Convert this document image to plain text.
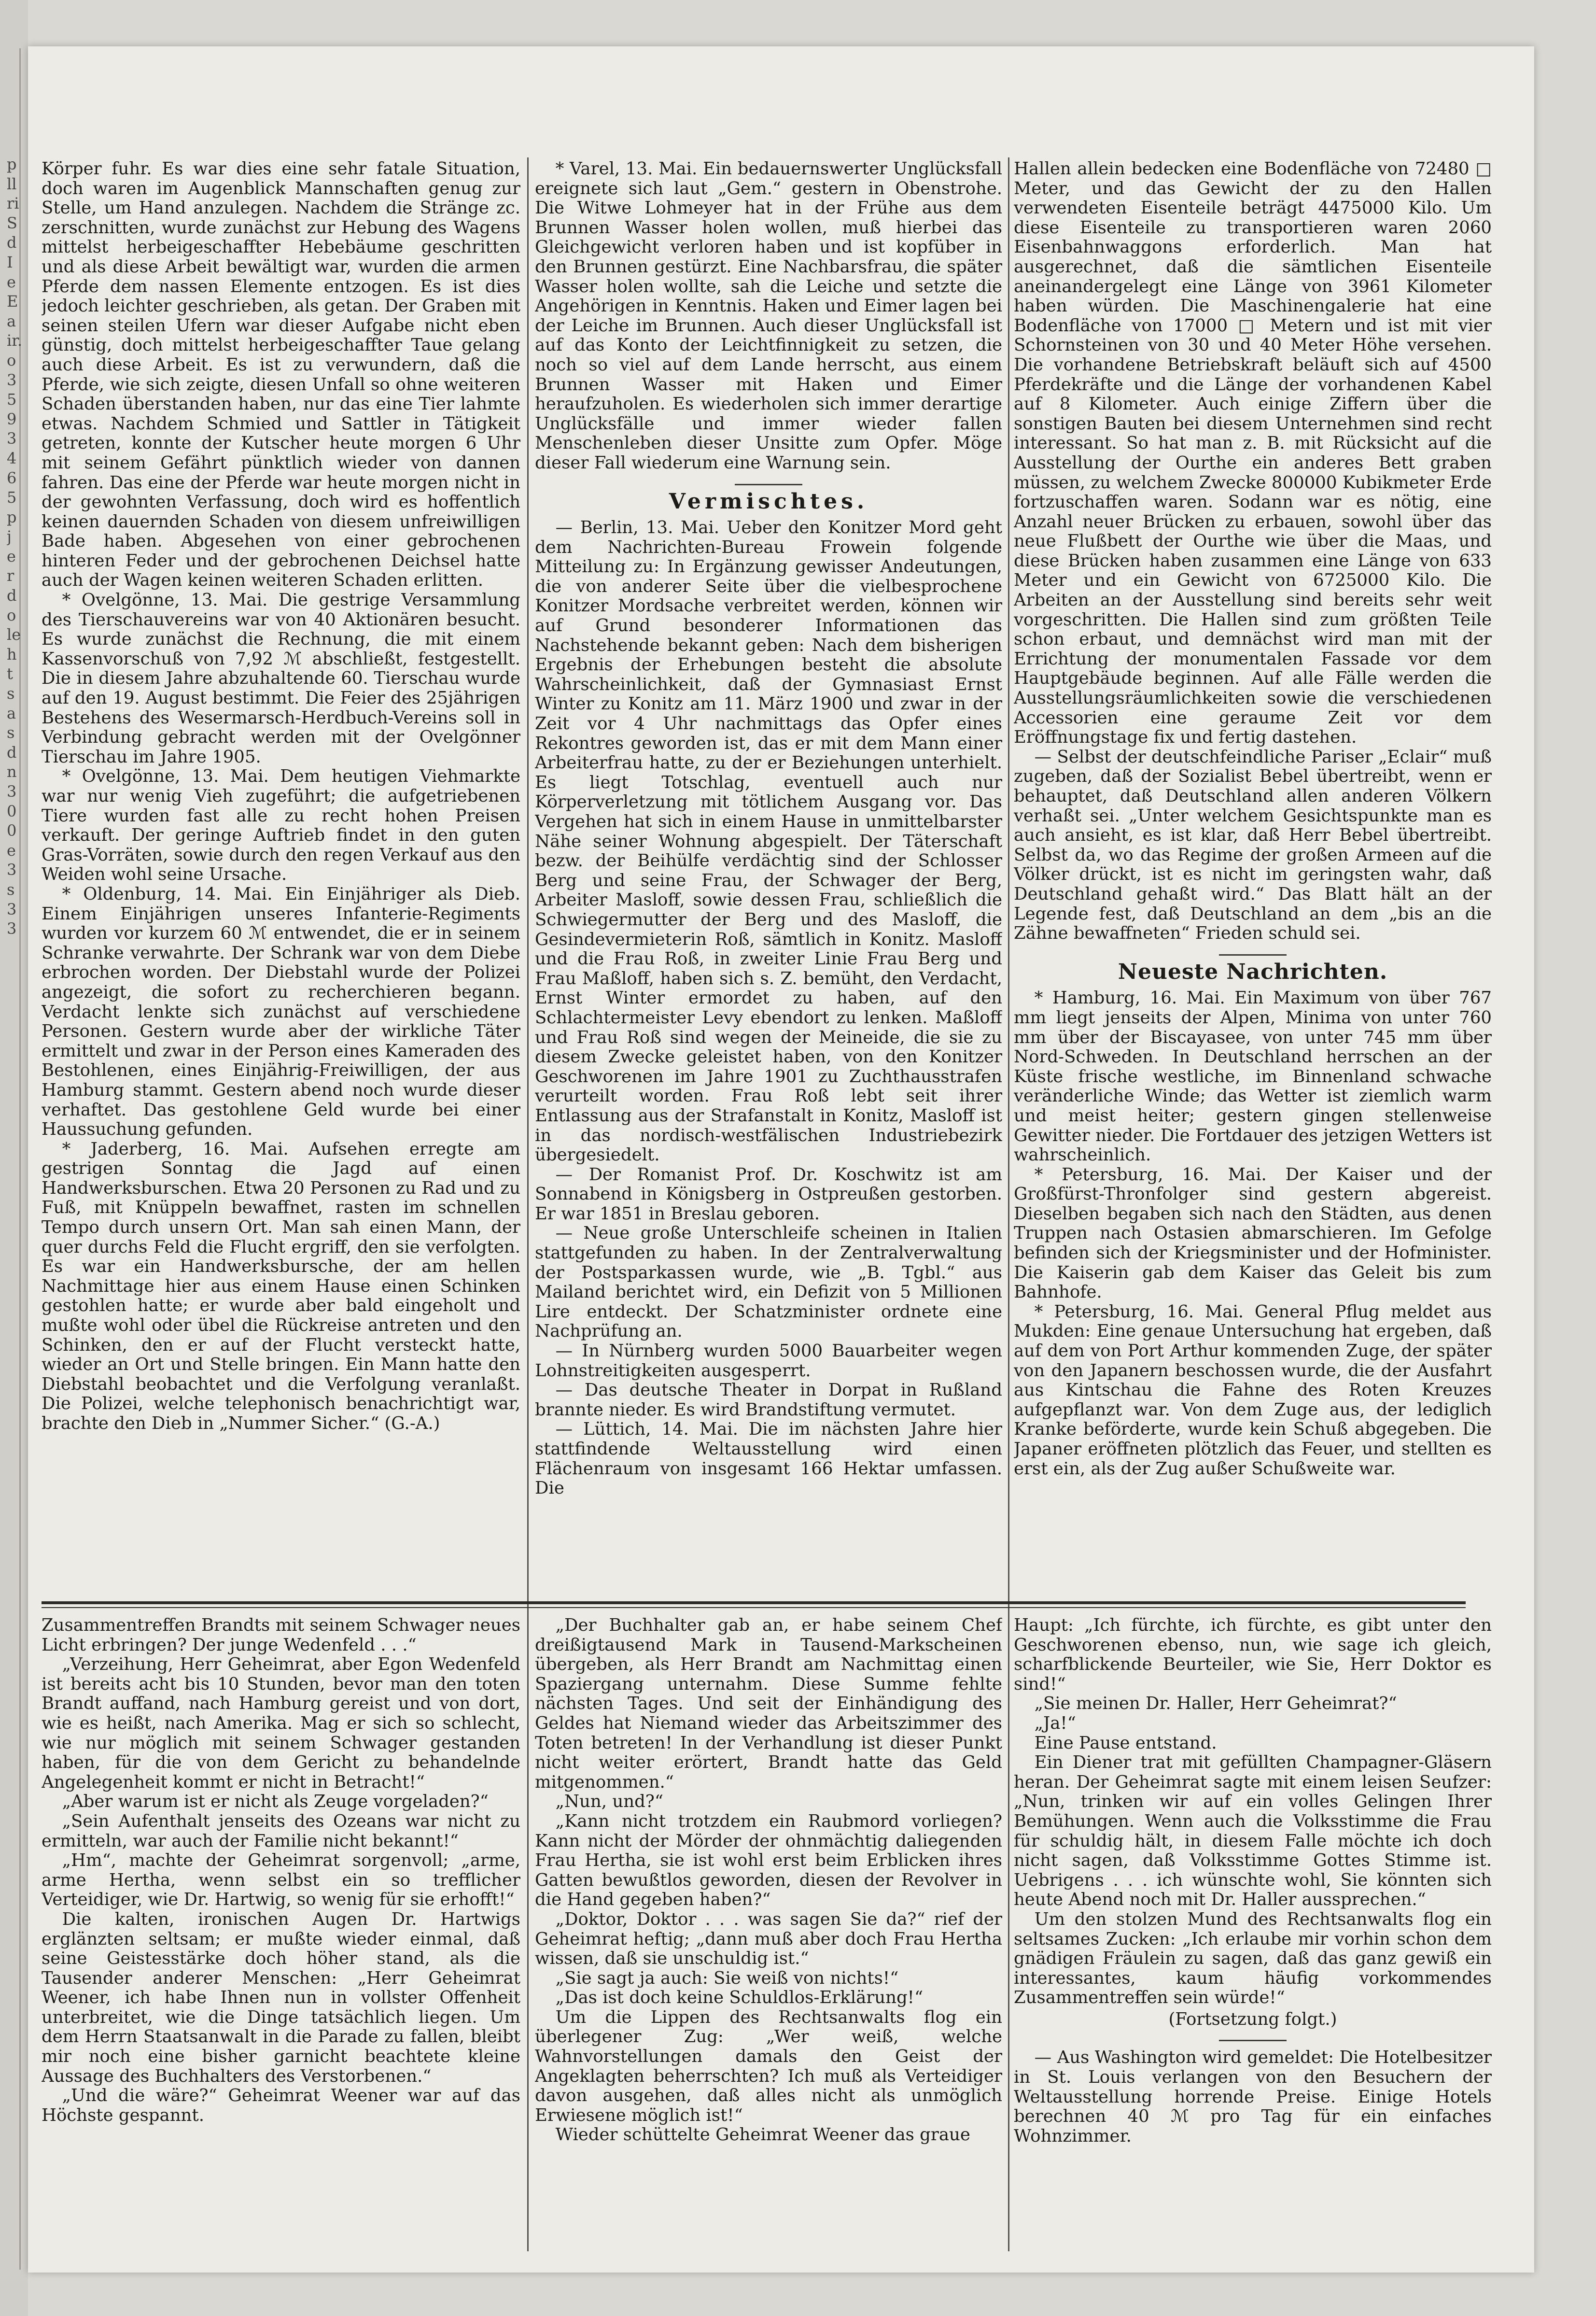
Körper fuhr. Es war dies eine sehr fatale Situation, doch waren im Augenblick Mannschaften genug zur Stelle, um Hand anzulegen. Nachdem die Stränge zc. zerschnitten, wurde zunächst zur Hebung des Wagens mittelst herbeigeschaffter Hebebäume geschritten und als diese Arbeit bewältigt war, wurden die armen Pferde dem nassen Elemente entzogen. Es ist dies jedoch leichter geschrieben, als getan. Der Graben mit seinen steilen Ufern war dieser Aufgabe nicht eben günstig, doch mittelst herbeigeschaffter Taue gelang auch diese Arbeit. Es ist zu verwundern, daß die Pferde, wie sich zeigte, diesen Unfall so ohne weiteren Schaden überstanden haben, nur das eine Tier lahmte etwas. Nachdem Schmied und Sattler in Tätigkeit getreten, konnte der Kutscher heute morgen 6 Uhr mit seinem Gefährt pünktlich wieder von dannen fahren. Das eine der Pferde war heute morgen nicht in der gewohnten Verfassung, doch wird es hoffentlich keinen dauernden Schaden von diesem unfreiwilligen Bade haben. Abgesehen von einer gebrochenen hinteren Feder und der gebrochenen Deichsel hatte auch der Wagen keinen weiteren Schaden erlitten.

* Ovelgönne, 13. Mai. Die gestrige Versammlung des Tierschauvereins war von 40 Aktionären besucht. Es wurde zunächst die Rechnung, die mit einem Kassenvorschuß von 7,92 ℳ abschließt, festgestellt. Die in diesem Jahre abzuhaltende 60. Tierschau wurde auf den 19. August bestimmt. Die Feier des 25jährigen Bestehens des Wesermarsch-Herdbuch-Vereins soll in Verbindung gebracht werden mit der Ovelgönner Tierschau im Jahre 1905.

* Ovelgönne, 13. Mai. Dem heutigen Viehmarkte war nur wenig Vieh zugeführt; die aufgetriebenen Tiere wurden fast alle zu recht hohen Preisen verkauft. Der geringe Auftrieb findet in den guten Gras-Vorräten, sowie durch den regen Verkauf aus den Weiden wohl seine Ursache.

* Oldenburg, 14. Mai. Ein Einjähriger als Dieb. Einem Einjährigen unseres Infanterie-Regiments wurden vor kurzem 60 ℳ entwendet, die er in seinem Schranke verwahrte. Der Schrank war von dem Diebe erbrochen worden. Der Diebstahl wurde der Polizei angezeigt, die sofort zu recherchieren begann. Verdacht lenkte sich zunächst auf verschiedene Personen. Gestern wurde aber der wirkliche Täter ermittelt und zwar in der Person eines Kameraden des Bestohlenen, eines Einjährig-Freiwilligen, der aus Hamburg stammt. Gestern abend noch wurde dieser verhaftet. Das gestohlene Geld wurde bei einer Haussuchung gefunden.

* Jaderberg, 16. Mai. Aufsehen erregte am gestrigen Sonntag die Jagd auf einen Handwerksburschen. Etwa 20 Personen zu Rad und zu Fuß, mit Knüppeln bewaffnet, rasten im schnellen Tempo durch unsern Ort. Man sah einen Mann, der quer durchs Feld die Flucht ergriff, den sie verfolgten. Es war ein Handwerksbursche, der am hellen Nachmittage hier aus einem Hause einen Schinken gestohlen hatte; er wurde aber bald eingeholt und mußte wohl oder übel die Rückreise antreten und den Schinken, den er auf der Flucht versteckt hatte, wieder an Ort und Stelle bringen. Ein Mann hatte den Diebstahl beobachtet und die Verfolgung veranlaßt. Die Polizei, welche telephonisch benachrichtigt war, brachte den Dieb in „Nummer Sicher.“ (G.-A.)

* Varel, 13. Mai. Ein bedauernswerter Unglücksfall ereignete sich laut „Gem.“ gestern in Obenstrohe. Die Witwe Lohmeyer hat in der Frühe aus dem Brunnen Wasser holen wollen, muß hierbei das Gleichgewicht verloren haben und ist kopfüber in den Brunnen gestürzt. Eine Nachbarsfrau, die später Wasser holen wollte, sah die Leiche und setzte die Angehörigen in Kenntnis. Haken und Eimer lagen bei der Leiche im Brunnen. Auch dieser Unglücksfall ist auf das Konto der Leichtfinnigkeit zu setzen, die noch so viel auf dem Lande herrscht, aus einem Brunnen Wasser mit Haken und Eimer heraufzuholen. Es wiederholen sich immer derartige Unglücksfälle und immer wieder fallen Menschenleben dieser Unsitte zum Opfer. Möge dieser Fall wiederum eine Warnung sein.

Vermischtes.

— Berlin, 13. Mai. Ueber den Konitzer Mord geht dem Nachrichten-Bureau Frowein folgende Mitteilung zu: In Ergänzung gewisser Andeutungen, die von anderer Seite über die vielbesprochene Konitzer Mordsache verbreitet werden, können wir auf Grund besonderer Informationen das Nachstehende bekannt geben: Nach dem bisherigen Ergebnis der Erhebungen besteht die absolute Wahrscheinlichkeit, daß der Gymnasiast Ernst Winter zu Konitz am 11. März 1900 und zwar in der Zeit vor 4 Uhr nachmittags das Opfer eines Rekontres geworden ist, das er mit dem Mann einer Arbeiterfrau hatte, zu der er Beziehungen unterhielt. Es liegt Totschlag, eventuell auch nur Körperverletzung mit tötlichem Ausgang vor. Das Vergehen hat sich in einem Hause in unmittelbarster Nähe seiner Wohnung abgespielt. Der Täterschaft bezw. der Beihülfe verdächtig sind der Schlosser Berg und seine Frau, der Schwager der Berg, Arbeiter Masloff, sowie dessen Frau, schließlich die Schwiegermutter der Berg und des Masloff, die Gesindevermieterin Roß, sämtlich in Konitz. Masloff und die Frau Roß, in zweiter Linie Frau Berg und Frau Maßloff, haben sich s. Z. bemüht, den Verdacht, Ernst Winter ermordet zu haben, auf den Schlachtermeister Levy ebendort zu lenken. Maßloff und Frau Roß sind wegen der Meineide, die sie zu diesem Zwecke geleistet haben, von den Konitzer Geschworenen im Jahre 1901 zu Zuchthausstrafen verurteilt worden. Frau Roß lebt seit ihrer Entlassung aus der Strafanstalt in Konitz, Masloff ist in das nordisch-westfälischen Industriebezirk übergesiedelt.

— Der Romanist Prof. Dr. Koschwitz ist am Sonnabend in Königsberg in Ostpreußen gestorben. Er war 1851 in Breslau geboren.

— Neue große Unterschleife scheinen in Italien stattgefunden zu haben. In der Zentralverwaltung der Postsparkassen wurde, wie „B. Tgbl.“ aus Mailand berichtet wird, ein Defizit von 5 Millionen Lire entdeckt. Der Schatzminister ordnete eine Nachprüfung an.

— In Nürnberg wurden 5000 Bauarbeiter wegen Lohnstreitigkeiten ausgesperrt.

— Das deutsche Theater in Dorpat in Rußland brannte nieder. Es wird Brandstiftung vermutet.

— Lüttich, 14. Mai. Die im nächsten Jahre hier stattfindende Weltausstellung wird einen Flächenraum von insgesamt 166 Hektar umfassen. Die

Hallen allein bedecken eine Bodenfläche von 72480 □ Meter, und das Gewicht der zu den Hallen verwendeten Eisenteile beträgt 4475000 Kilo. Um diese Eisenteile zu transportieren waren 2060 Eisenbahnwaggons erforderlich. Man hat ausgerechnet, daß die sämtlichen Eisenteile aneinandergelegt eine Länge von 3961 Kilometer haben würden. Die Maschinengalerie hat eine Bodenfläche von 17000 □ Metern und ist mit vier Schornsteinen von 30 und 40 Meter Höhe versehen. Die vorhandene Betriebskraft beläuft sich auf 4500 Pferdekräfte und die Länge der vorhandenen Kabel auf 8 Kilometer. Auch einige Ziffern über die sonstigen Bauten bei diesem Unternehmen sind recht interessant. So hat man z. B. mit Rücksicht auf die Ausstellung der Ourthe ein anderes Bett graben müssen, zu welchem Zwecke 800000 Kubikmeter Erde fortzuschaffen waren. Sodann war es nötig, eine Anzahl neuer Brücken zu erbauen, sowohl über das neue Flußbett der Ourthe wie über die Maas, und diese Brücken haben zusammen eine Länge von 633 Meter und ein Gewicht von 6725000 Kilo. Die Arbeiten an der Ausstellung sind bereits sehr weit vorgeschritten. Die Hallen sind zum größten Teile schon erbaut, und demnächst wird man mit der Errichtung der monumentalen Fassade vor dem Hauptgebäude beginnen. Auf alle Fälle werden die Ausstellungsräumlichkeiten sowie die verschiedenen Accessorien eine geraume Zeit vor dem Eröffnungstage fix und fertig dastehen.

— Selbst der deutschfeindliche Pariser „Eclair“ muß zugeben, daß der Sozialist Bebel übertreibt, wenn er behauptet, daß Deutschland allen anderen Völkern verhaßt sei. „Unter welchem Gesichtspunkte man es auch ansieht, es ist klar, daß Herr Bebel übertreibt. Selbst da, wo das Regime der großen Armeen auf die Völker drückt, ist es nicht im geringsten wahr, daß Deutschland gehaßt wird.“ Das Blatt hält an der Legende fest, daß Deutschland an dem „bis an die Zähne bewaffneten“ Frieden schuld sei.

Neueste Nachrichten.

* Hamburg, 16. Mai. Ein Maximum von über 767 mm liegt jenseits der Alpen, Minima von unter 760 mm über der Biscayasee, von unter 745 mm über Nord-Schweden. In Deutschland herrschen an der Küste frische westliche, im Binnenland schwache veränderliche Winde; das Wetter ist ziemlich warm und meist heiter; gestern gingen stellenweise Gewitter nieder. Die Fortdauer des jetzigen Wetters ist wahrscheinlich.

* Petersburg, 16. Mai. Der Kaiser und der Großfürst-Thronfolger sind gestern abgereist. Dieselben begaben sich nach den Städten, aus denen Truppen nach Ostasien abmarschieren. Im Gefolge befinden sich der Kriegsminister und der Hofminister. Die Kaiserin gab dem Kaiser das Geleit bis zum Bahnhofe.

* Petersburg, 16. Mai. General Pflug meldet aus Mukden: Eine genaue Untersuchung hat ergeben, daß auf dem von Port Arthur kommenden Zuge, der später von den Japanern beschossen wurde, die der Ausfahrt aus Kintschau die Fahne des Roten Kreuzes aufgepflanzt war. Von dem Zuge aus, der lediglich Kranke beförderte, wurde kein Schuß abgegeben. Die Japaner eröffneten plötzlich das Feuer, und stellten es erst ein, als der Zug außer Schußweite war.

Zusammentreffen Brandts mit seinem Schwager neues Licht erbringen? Der junge Wedenfeld . . .“

„Verzeihung, Herr Geheimrat, aber Egon Wedenfeld ist bereits acht bis 10 Stunden, bevor man den toten Brandt auffand, nach Hamburg gereist und von dort, wie es heißt, nach Amerika. Mag er sich so schlecht, wie nur möglich mit seinem Schwager gestanden haben, für die von dem Gericht zu behandelnde Angelegenheit kommt er nicht in Betracht!“

„Aber warum ist er nicht als Zeuge vorgeladen?“

„Sein Aufenthalt jenseits des Ozeans war nicht zu ermitteln, war auch der Familie nicht bekannt!“

„Hm“, machte der Geheimrat sorgenvoll; „arme, arme Hertha, wenn selbst ein so trefflicher Verteidiger, wie Dr. Hartwig, so wenig für sie erhofft!“

Die kalten, ironischen Augen Dr. Hartwigs erglänzten seltsam; er mußte wieder einmal, daß seine Geistesstärke doch höher stand, als die Tausender anderer Menschen: „Herr Geheimrat Weener, ich habe Ihnen nun in vollster Offenheit unterbreitet, wie die Dinge tatsächlich liegen. Um dem Herrn Staatsanwalt in die Parade zu fallen, bleibt mir noch eine bisher garnicht beachtete kleine Aussage des Buchhalters des Verstorbenen.“

„Und die wäre?“ Geheimrat Weener war auf das Höchste gespannt.

„Der Buchhalter gab an, er habe seinem Chef dreißigtausend Mark in Tausend-Markscheinen übergeben, als Herr Brandt am Nachmittag einen Spaziergang unternahm. Diese Summe fehlte nächsten Tages. Und seit der Einhändigung des Geldes hat Niemand wieder das Arbeitszimmer des Toten betreten! In der Verhandlung ist dieser Punkt nicht weiter erörtert, Brandt hatte das Geld mitgenommen.“

„Nun, und?“

„Kann nicht trotzdem ein Raubmord vorliegen? Kann nicht der Mörder der ohnmächtig daliegenden Frau Hertha, sie ist wohl erst beim Erblicken ihres Gatten bewußtlos geworden, diesen der Revolver in die Hand gegeben haben?“

„Doktor, Doktor . . . was sagen Sie da?“ rief der Geheimrat heftig; „dann muß aber doch Frau Hertha wissen, daß sie unschuldig ist.“

„Sie sagt ja auch: Sie weiß von nichts!“

„Das ist doch keine Schuldlos-Erklärung!“

Um die Lippen des Rechtsanwalts flog ein überlegener Zug: „Wer weiß, welche Wahnvorstellungen damals den Geist der Angeklagten beherrschten? Ich muß als Verteidiger davon ausgehen, daß alles nicht als unmöglich Erwiesene möglich ist!“

Wieder schüttelte Geheimrat Weener das graue

Haupt: „Ich fürchte, ich fürchte, es gibt unter den Geschworenen ebenso, nun, wie sage ich gleich, scharfblickende Beurteiler, wie Sie, Herr Doktor es sind!“

„Sie meinen Dr. Haller, Herr Geheimrat?“

„Ja!“

Eine Pause entstand.

Ein Diener trat mit gefüllten Champagner-Gläsern heran. Der Geheimrat sagte mit einem leisen Seufzer: „Nun, trinken wir auf ein volles Gelingen Ihrer Bemühungen. Wenn auch die Volksstimme die Frau für schuldig hält, in diesem Falle möchte ich doch nicht sagen, daß Volksstimme Gottes Stimme ist. Uebrigens . . . ich wünschte wohl, Sie könnten sich heute Abend noch mit Dr. Haller aussprechen.“

Um den stolzen Mund des Rechtsanwalts flog ein seltsames Zucken: „Ich erlaube mir vorhin schon dem gnädigen Fräulein zu sagen, daß das ganz gewiß ein interessantes, kaum häufig vorkommendes Zusammentreffen sein würde!“

(Fortsetzung folgt.)

— Aus Washington wird gemeldet: Die Hotelbesitzer in St. Louis verlangen von den Besuchern der Weltausstellung horrende Preise. Einige Hotels berechnen 40 ℳ pro Tag für ein einfaches Wohnzimmer.

p ll ri S d I e E a ir. o 3 5 9 3 4 6 5 p j e r d o le h t s a s d n 3 0 0 e 3 s 3 3
